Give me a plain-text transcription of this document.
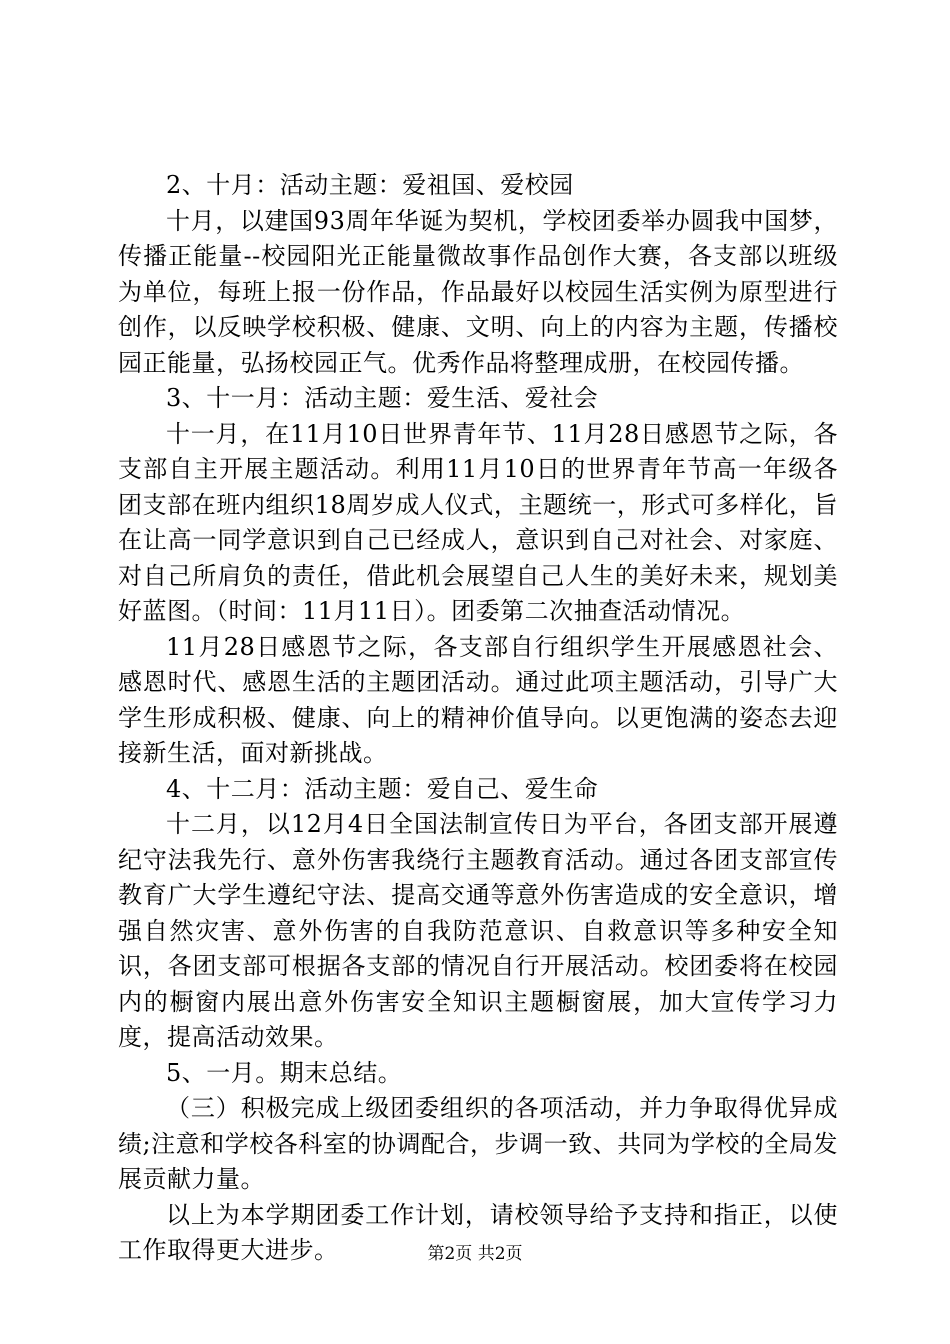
2、十月：活动主题：爱祖国、爱校园

十月，以建国93周年华诞为契机，学校团委举办圆我中国梦，传播正能量--校园阳光正能量微故事作品创作大赛，各支部以班级为单位，每班上报一份作品，作品最好以校园生活实例为原型进行创作，以反映学校积极、健康、文明、向上的内容为主题，传播校园正能量，弘扬校园正气。优秀作品将整理成册，在校园传播。

3、十一月：活动主题：爱生活、爱社会

十一月，在11月10日世界青年节、11月28日感恩节之际，各支部自主开展主题活动。利用11月10日的世界青年节高一年级各团支部在班内组织18周岁成人仪式，主题统一，形式可多样化，旨在让高一同学意识到自己已经成人，意识到自己对社会、对家庭、对自己所肩负的责任，借此机会展望自己人生的美好未来，规划美好蓝图。（时间：11月11日）。团委第二次抽查活动情况。

11月28日感恩节之际，各支部自行组织学生开展感恩社会、感恩时代、感恩生活的主题团活动。通过此项主题活动，引导广大学生形成积极、健康、向上的精神价值导向。以更饱满的姿态去迎接新生活，面对新挑战。

4、十二月：活动主题：爱自己、爱生命

十二月，以12月4日全国法制宣传日为平台，各团支部开展遵纪守法我先行、意外伤害我绕行主题教育活动。通过各团支部宣传教育广大学生遵纪守法、提高交通等意外伤害造成的安全意识，增强自然灾害、意外伤害的自我防范意识、自救意识等多种安全知识，各团支部可根据各支部的情况自行开展活动。校团委将在校园内的橱窗内展出意外伤害安全知识主题橱窗展，加大宣传学习力度，提高活动效果。

5、一月。期末总结。

（三）积极完成上级团委组织的各项活动，并力争取得优异成绩;注意和学校各科室的协调配合，步调一致、共同为学校的全局发展贡献力量。

以上为本学期团委工作计划，请校领导给予支持和指正，以使工作取得更大进步。	第2页 共2页
